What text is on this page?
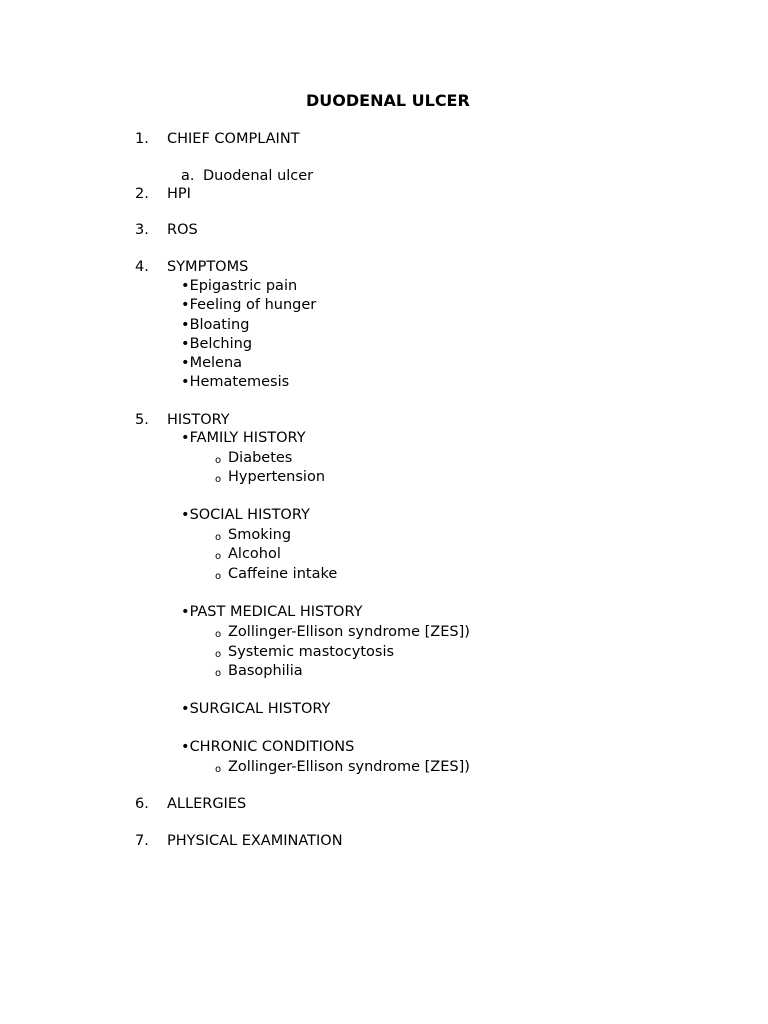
DUODENAL ULCER
1. CHIEF COMPLAINT
a. Duodenal ulcer
2. HPI
3. ROS
4. SYMPTOMS
•Epigastric pain
•Feeling of hunger
•Bloating
•Belching
•Melena
•Hematemesis
5. HISTORY
•FAMILY HISTORY
o Diabetes
o Hypertension
•SOCIAL HISTORY
o Smoking
o Alcohol
o Caffeine intake
•PAST MEDICAL HISTORY
o Zollinger-Ellison syndrome [ZES])
o Systemic mastocytosis
o Basophilia
•SURGICAL HISTORY
•CHRONIC CONDITIONS
o Zollinger-Ellison syndrome [ZES])
6. ALLERGIES
7. PHYSICAL EXAMINATION
